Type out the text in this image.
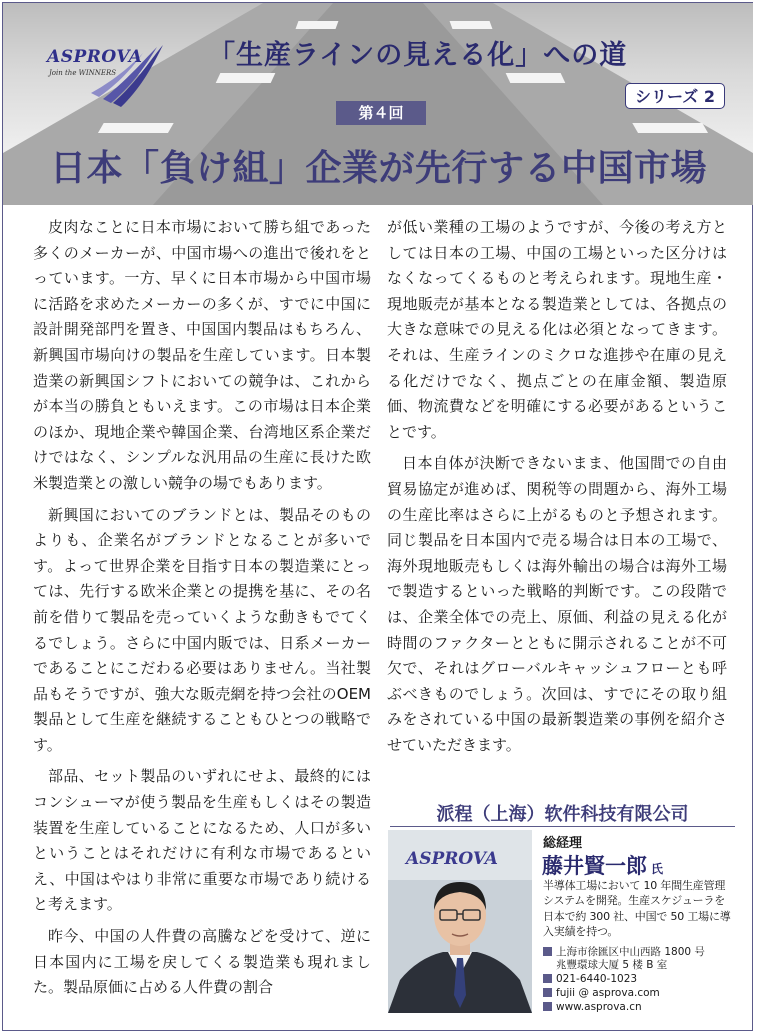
ASPROVA
Join the WINNERS
「生産ラインの見える化」への道
シリーズ 2
第４回
日本「負け組」企業が先行する中国市場

皮肉なことに日本市場において勝ち組であった多くのメーカーが、中国市場への進出で後れをとっています。一方、早くに日本市場から中国市場に活路を求めたメーカーの多くが、すでに中国に設計開発部門を置き、中国国内製品はもちろん、新興国市場向けの製品を生産しています。日本製造業の新興国シフトにおいての競争は、これからが本当の勝負ともいえます。この市場は日本企業のほか、現地企業や韓国企業、台湾地区系企業だけではなく、シンプルな汎用品の生産に長けた欧米製造業との激しい競争の場でもあります。

新興国においてのブランドとは、製品そのものよりも、企業名がブランドとなることが多いです。よって世界企業を目指す日本の製造業にとっては、先行する欧米企業との提携を基に、その名前を借りて製品を売っていくような動きもでてくるでしょう。さらに中国内販では、日系メーカーであることにこだわる必要はありません。当社製品もそうですが、強大な販売網を持つ会社のOEM製品として生産を継続することもひとつの戦略です。

部品、セット製品のいずれにせよ、最終的にはコンシューマが使う製品を生産もしくはその製造装置を生産していることになるため、人口が多いということはそれだけに有利な市場であるといえ、中国はやはり非常に重要な市場であり続けると考えます。

昨今、中国の人件費の高騰などを受けて、逆に日本国内に工場を戻してくる製造業も現れました。製品原価に占める人件費の割合

が低い業種の工場のようですが、今後の考え方としては日本の工場、中国の工場といった区分けはなくなってくるものと考えられます。現地生産・現地販売が基本となる製造業としては、各拠点の大きな意味での見える化は必須となってきます。それは、生産ラインのミクロな進捗や在庫の見える化だけでなく、拠点ごとの在庫金額、製造原価、物流費などを明確にする必要があるということです。

日本自体が決断できないまま、他国間での自由貿易協定が進めば、関税等の問題から、海外工場の生産比率はさらに上がるものと予想されます。同じ製品を日本国内で売る場合は日本の工場で、海外現地販売もしくは海外輸出の場合は海外工場で製造するといった戦略的判断です。この段階では、企業全体での売上、原価、利益の見える化が時間のファクターとともに開示されることが不可欠で、それはグローバルキャッシュフローとも呼ぶべきものでしょう。次回は、すでにその取り組みをされている中国の最新製造業の事例を紹介させていただきます。

派程（上海）软件科技有限公司
ASPROVA
総経理
藤井賢一郎 氏
半導体工場において 10 年間生産管理システムを開発。生産スケジューラを日本で約 300 社、中国で 50 工場に導入実績を持つ。
上海市徐匯区中山西路 1800 号
兆豐環球大厦 5 楼 B 室
021-6440-1023
fujii @ asprova.com
www.asprova.cn
